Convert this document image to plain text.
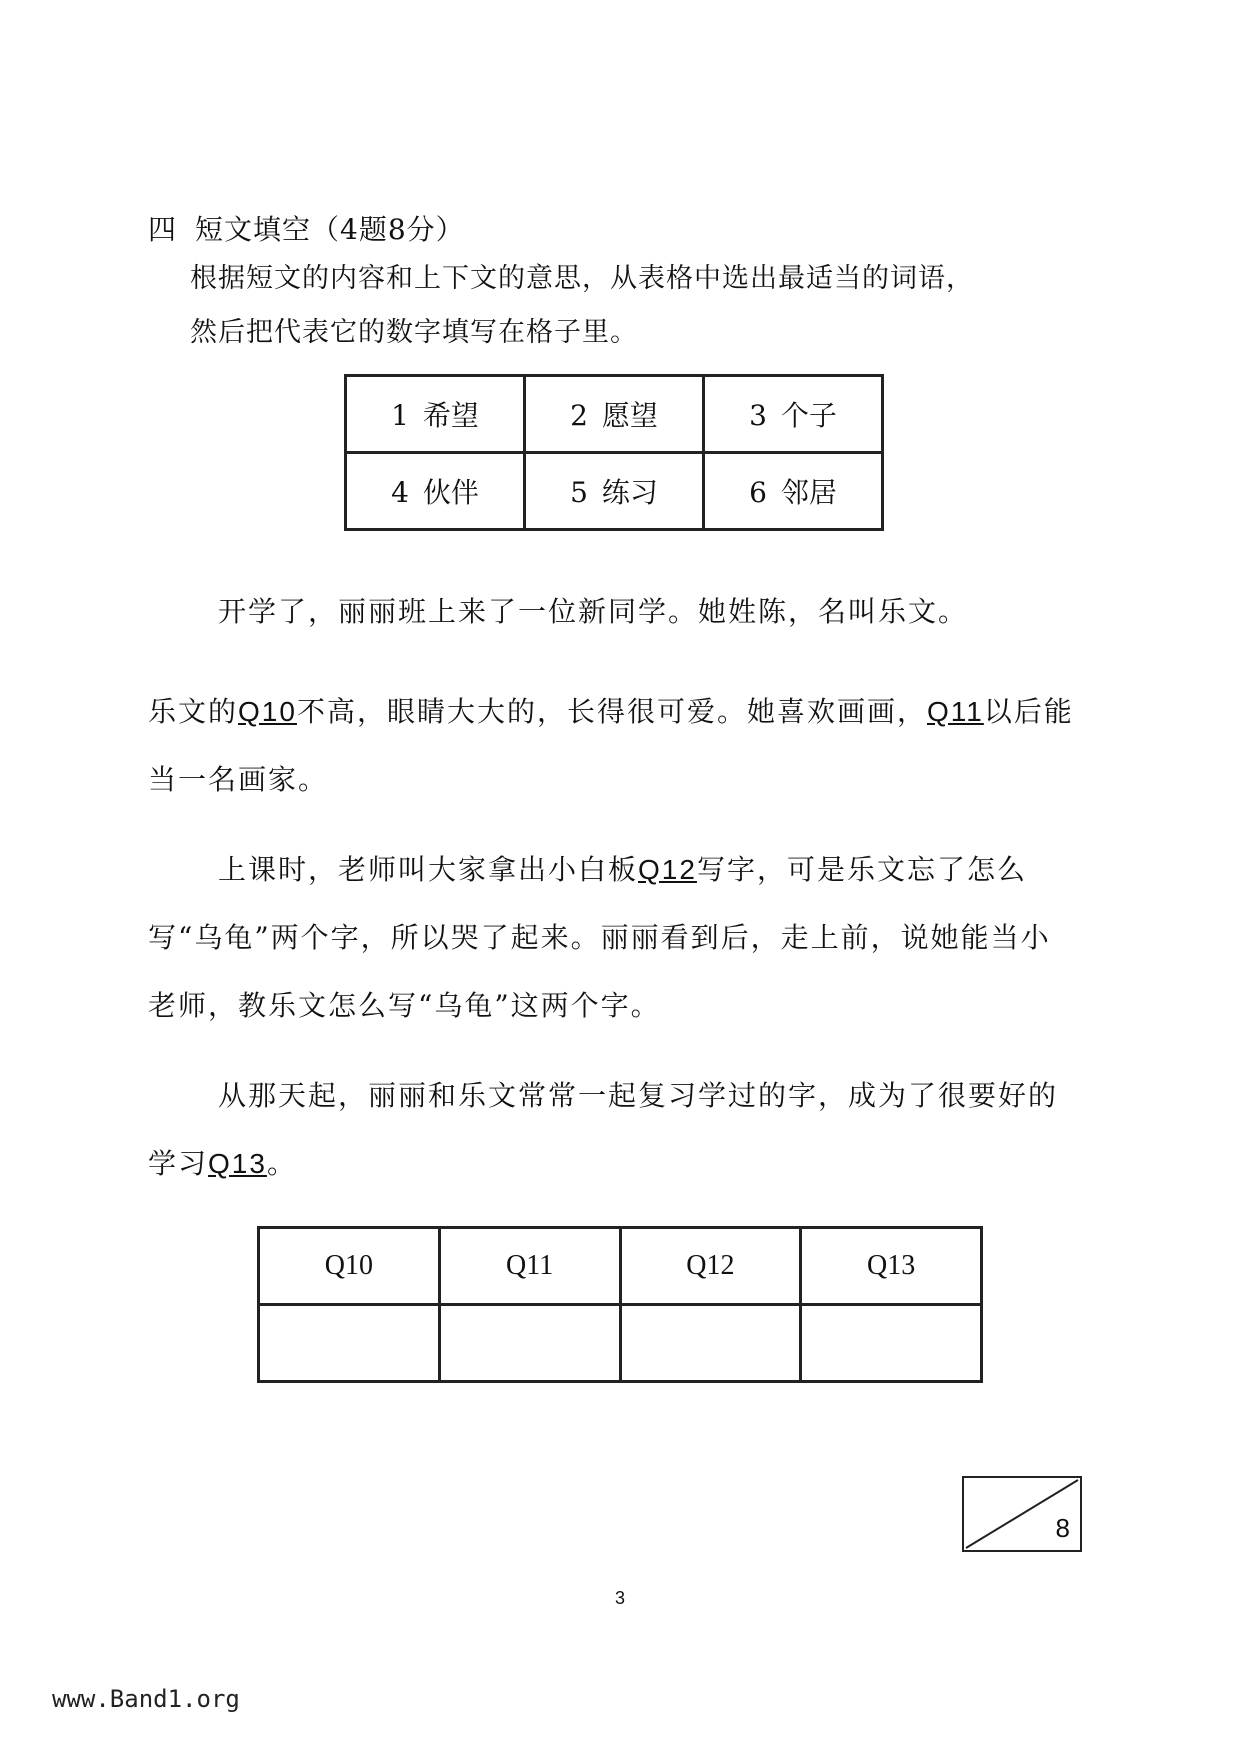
四 短文填空（4题8分）
根据短文的内容和上下文的意思，从表格中选出最适当的词语，
然后把代表它的数字填写在格子里。
1 希望	2 愿望	3 个子
4 伙伴	5 练习	6 邻居
开学了，丽丽班上来了一位新同学。她姓陈，名叫乐文。
乐文的Q10不高，眼睛大大的，长得很可爱。她喜欢画画，Q11以后能当一名画家。
上课时，老师叫大家拿出小白板Q12写字，可是乐文忘了怎么写“乌龟”两个字，所以哭了起来。丽丽看到后，走上前，说她能当小老师，教乐文怎么写“乌龟”这两个字。
从那天起，丽丽和乐文常常一起复习学过的字，成为了很要好的学习Q13。
Q10	Q11	Q12	Q13

8
3
www.Band1.org
